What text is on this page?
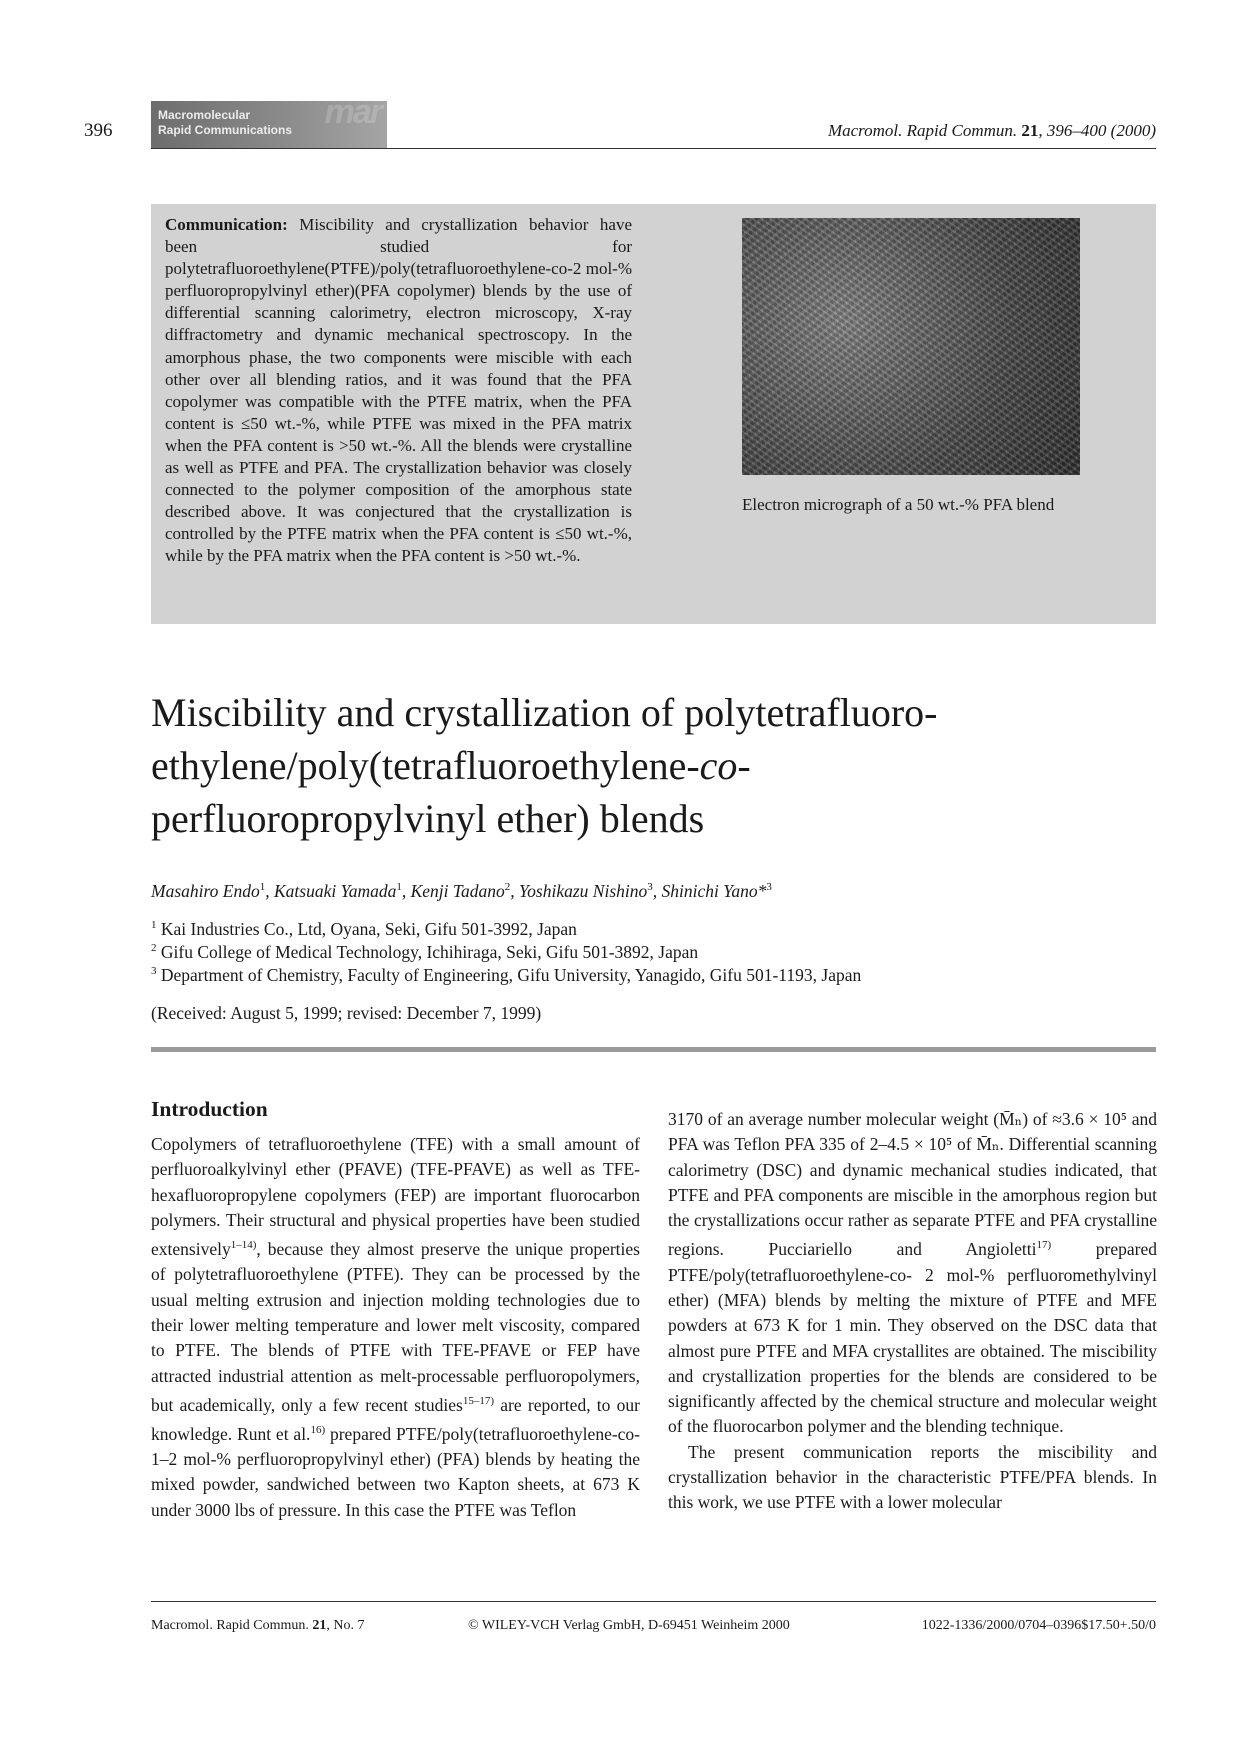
396
Macromolecular
Rapid Communications mar	Macromol. Rapid Commun. 21, 396–400 (2000)
Communication: Miscibility and crystallization behavior have been studied for polytetrafluoroethylene(PTFE)/poly(tetrafluoroethylene-co-2 mol-% perfluoropropylvinyl ether)(PFA copolymer) blends by the use of differential scanning calorimetry, electron microscopy, X-ray diffractometry and dynamic mechanical spectroscopy. In the amorphous phase, the two components were miscible with each other over all blending ratios, and it was found that the PFA copolymer was compatible with the PTFE matrix, when the PFA content is ≤50 wt.-%, while PTFE was mixed in the PFA matrix when the PFA content is >50 wt.-%. All the blends were crystalline as well as PTFE and PFA. The crystallization behavior was closely connected to the polymer composition of the amorphous state described above. It was conjectured that the crystallization is controlled by the PTFE matrix when the PFA content is ≤50 wt.-%, while by the PFA matrix when the PFA content is >50 wt.-%.
Electron micrograph of a 50 wt.-% PFA blend
Miscibility and crystallization of polytetrafluoro-
ethylene/poly(tetrafluoroethylene-co-
perfluoropropylvinyl ether) blends
Masahiro Endo$^1$, Katsuaki Yamada$^1$, Kenji Tadano$^2$, Yoshikazu Nishino$^3$, Shinichi Yano*$^3$
$^1$ Kai Industries Co., Ltd, Oyana, Seki, Gifu 501-3992, Japan
$^2$ Gifu College of Medical Technology, Ichihiraga, Seki, Gifu 501-3892, Japan
$^3$ Department of Chemistry, Faculty of Engineering, Gifu University, Yanagido, Gifu 501-1193, Japan
(Received: August 5, 1999; revised: December 7, 1999)
Introduction

Copolymers of tetrafluoroethylene (TFE) with a small amount of perfluoroalkylvinyl ether (PFAVE) (TFE-PFAVE) as well as TFE-hexafluoropropylene copolymers (FEP) are important fluorocarbon polymers. Their structural and physical properties have been studied extensively$^{1-14)}$, because they almost preserve the unique properties of polytetrafluoroethylene (PTFE). They can be processed by the usual melting extrusion and injection molding technologies due to their lower melting temperature and lower melt viscosity, compared to PTFE. The blends of PTFE with TFE-PFAVE or FEP have attracted industrial attention as melt-processable perfluoropolymers, but academically, only a few recent studies$^{15-17)}$ are reported, to our knowledge. Runt et al.$^{16)}$ prepared PTFE/poly(tetrafluoroethylene-co- 1–2 mol-% perfluoropropylvinyl ether) (PFA) blends by heating the mixed powder, sandwiched between two Kapton sheets, at 673 K under 3000 lbs of pressure. In this case the PTFE was Teflon

3170 of an average number molecular weight (M̄ₙ) of ≈3.6 × 10⁵ and PFA was Teflon PFA 335 of 2–4.5 × 10⁵ of M̄ₙ. Differential scanning calorimetry (DSC) and dynamic mechanical studies indicated, that PTFE and PFA components are miscible in the amorphous region but the crystallizations occur rather as separate PTFE and PFA crystalline regions. Pucciariello and Angioletti$^{17)}$ prepared PTFE/poly(tetrafluoroethylene-co- 2 mol-% perfluoromethylvinyl ether) (MFA) blends by melting the mixture of PTFE and MFE powders at 673 K for 1 min. They observed on the DSC data that almost pure PTFE and MFA crystallites are obtained. The miscibility and crystallization properties for the blends are considered to be significantly affected by the chemical structure and molecular weight of the fluorocarbon polymer and the blending technique.

The present communication reports the miscibility and crystallization behavior in the characteristic PTFE/PFA blends. In this work, we use PTFE with a lower molecular

Macromol. Rapid Commun. 21, No. 7	© WILEY-VCH Verlag GmbH, D-69451 Weinheim 2000	1022-1336/2000/0704–0396$17.50+.50/0
